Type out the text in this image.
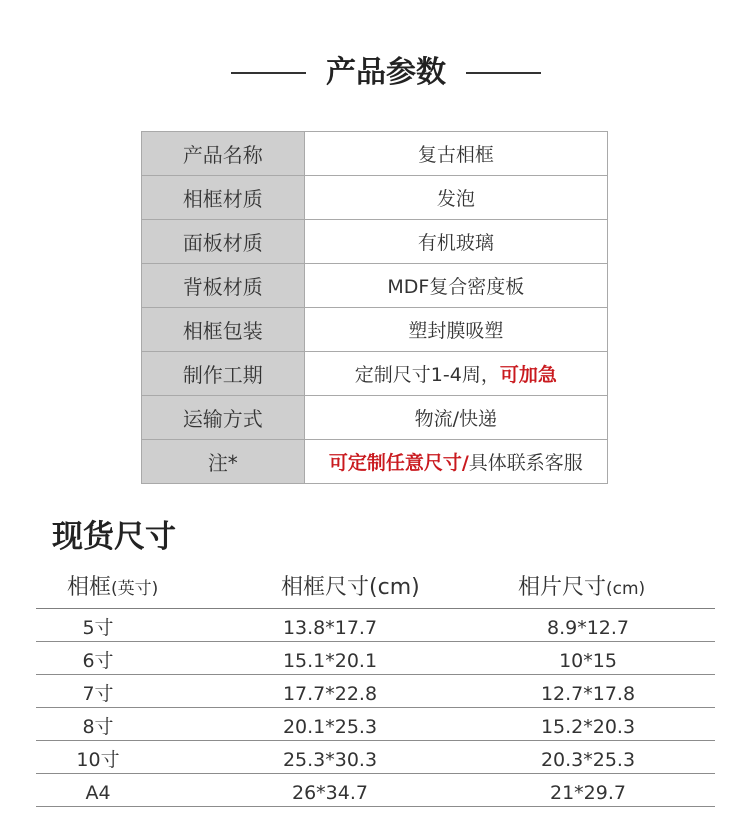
产品参数
产品名称	复古相框
相框材质	发泡
面板材质	有机玻璃
背板材质	MDF复合密度板
相框包装	塑封膜吸塑
制作工期	定制尺寸1-4周，可加急
运输方式	物流/快递
注*	可定制任意尺寸/具体联系客服
现货尺寸
相框(英寸)	相框尺寸(cm)	相片尺寸(cm)
5寸	13.8*17.7	8.9*12.7
6寸	15.1*20.1	10*15
7寸	17.7*22.8	12.7*17.8
8寸	20.1*25.3	15.2*20.3
10寸	25.3*30.3	20.3*25.3
A4	26*34.7	21*29.7
